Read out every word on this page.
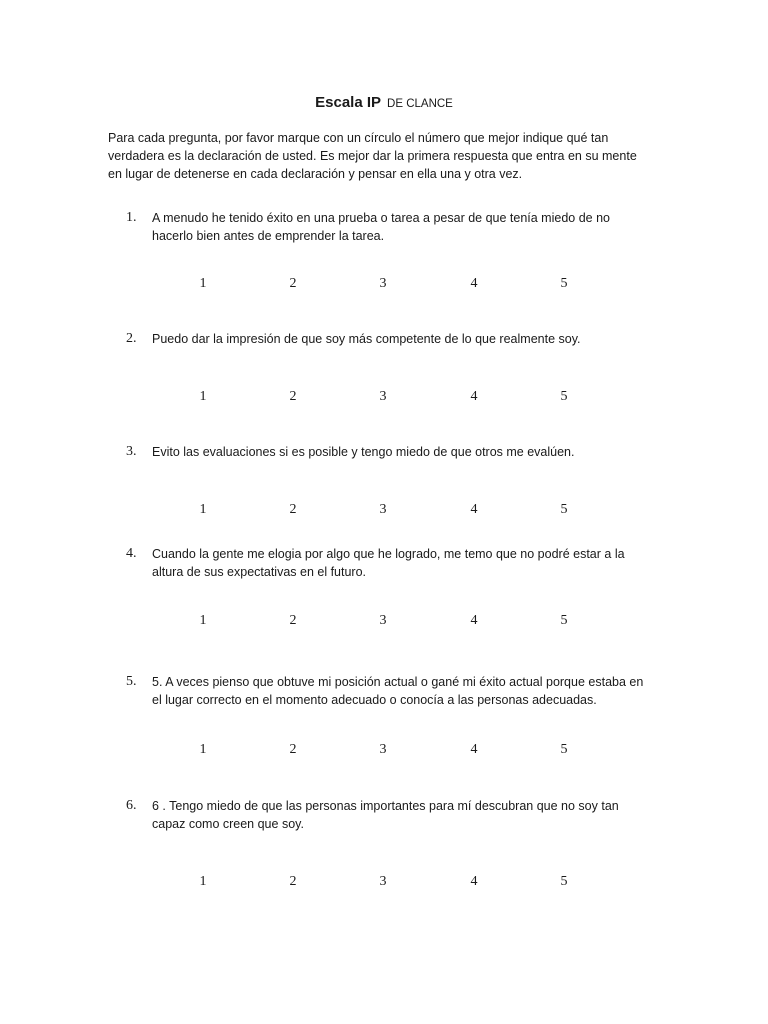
Escala IP DE CLANCE
Para cada pregunta, por favor marque con un círculo el número que mejor indique qué tan
verdadera es la declaración de usted. Es mejor dar la primera respuesta que entra en su mente
en lugar de detenerse en cada declaración y pensar en ella una y otra vez.
1. A menudo he tenido éxito en una prueba o tarea a pesar de que tenía miedo de no
hacerlo bien antes de emprender la tarea.
1	2	3	4	5
2. Puedo dar la impresión de que soy más competente de lo que realmente soy.
1	2	3	4	5
3. Evito las evaluaciones si es posible y tengo miedo de que otros me evalúen.
1	2	3	4	5
4. Cuando la gente me elogia por algo que he logrado, me temo que no podré estar a la
altura de sus expectativas en el futuro.
1	2	3	4	5
5. 5. A veces pienso que obtuve mi posición actual o gané mi éxito actual porque estaba en
el lugar correcto en el momento adecuado o conocía a las personas adecuadas.
1	2	3	4	5
6. 6 . Tengo miedo de que las personas importantes para mí descubran que no soy tan
capaz como creen que soy.
1	2	3	4	5
